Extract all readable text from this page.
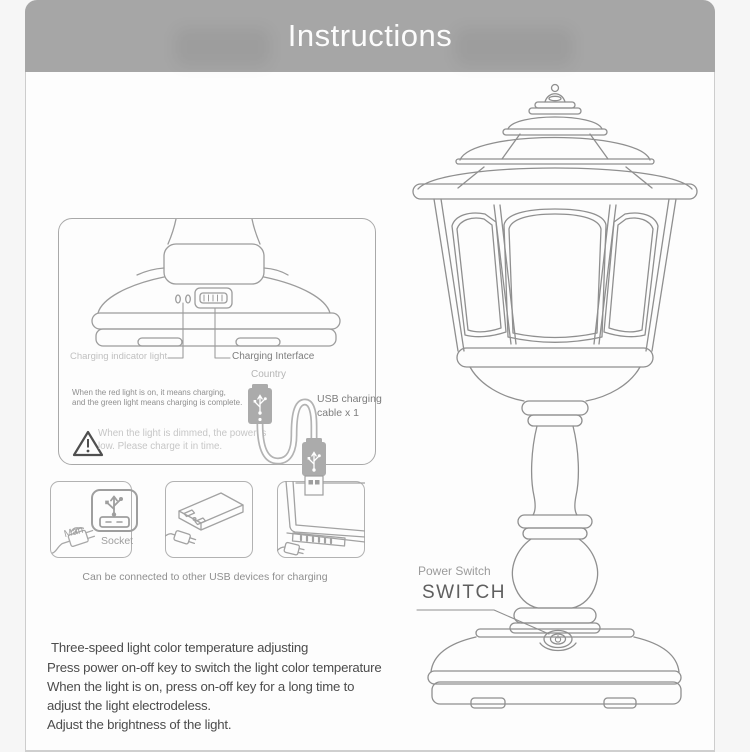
Instructions
Charging indicator light	Charging Interface
When the red light is on, it means charging,
and the green light means charging is complete.
When the light is dimmed, the power is
low. Please charge it in time.
Country
Man
Socket
USB charging
cable x 1
Can be connected to other USB devices for charging	Power Switch
SWITCH
Three-speed light color temperature adjusting
Press power on-off key to switch the light color temperature
When the light is on, press on-off key for a long time to
adjust the light electrodeless.
Adjust the brightness of the light.
